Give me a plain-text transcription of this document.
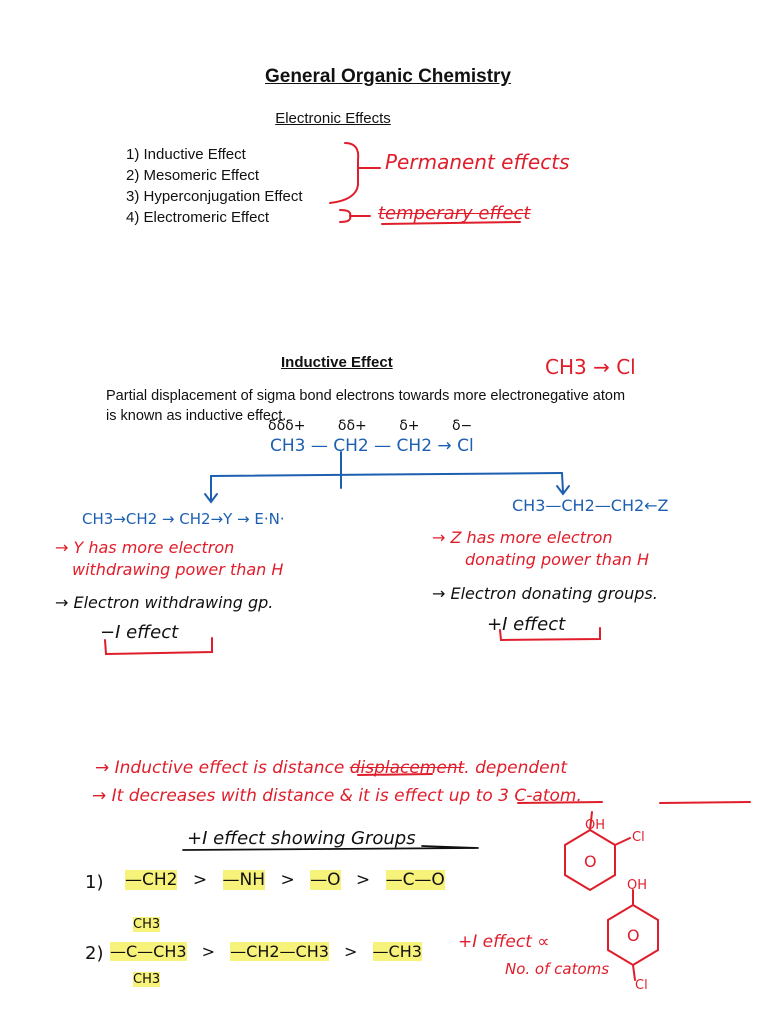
General Organic Chemistry
Electronic Effects
1) Inductive Effect
2) Mesomeric Effect
3) Hyperconjugation Effect
4) Electromeric Effect
Inductive Effect
Partial displacement of sigma bond electrons towards more electronegative atom
is known as inductive effect.
Permanent effects
temperary effect
CH3 → Cl
δδδ+ δδ+ δ+ δ−
CH3 — CH2 — CH2 → Cl
CH3→CH2 → CH2→Y → E·N·
→ Y has more electron
withdrawing power than H
→ Electron withdrawing gp.
−I effect
CH3—CH2—CH2←Z
→ Z has more electron
donating power than H
→ Electron donating groups.
+I effect
→ Inductive effect is distance displacement. dependent
→ It decreases with distance & it is effect up to 3 C-atom.
+I effect showing Groups
1) —CH2 > —NH > —O > —C—O
2)
CH3
CH3
—C—CH3 > —CH2—CH3 > —CH3 +I effect ∝
No. of catoms
OH
Cl
O
OH
O
Cl
